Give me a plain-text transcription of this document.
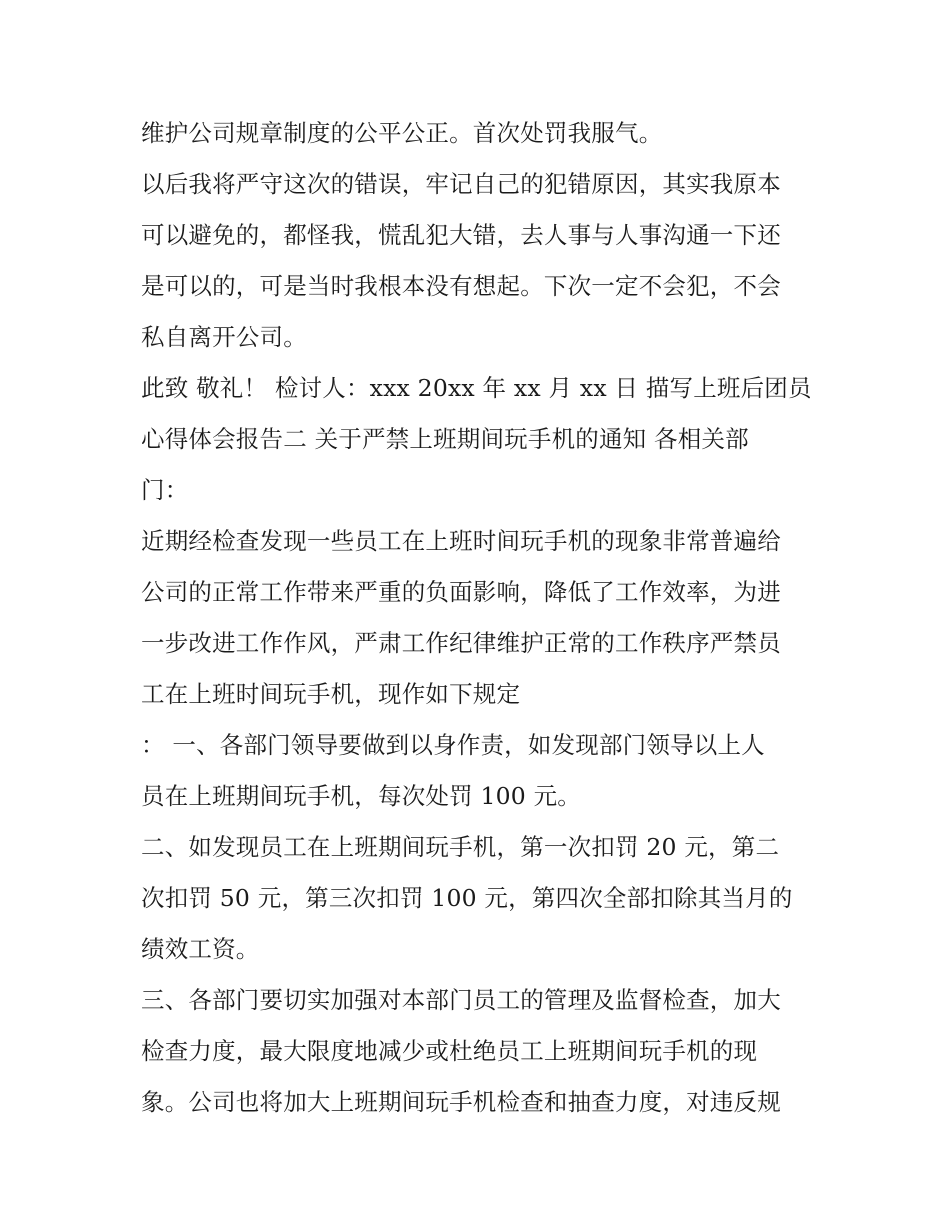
维护公司规章制度的公平公正。首次处罚我服气。
以后我将严守这次的错误，牢记自己的犯错原因，其实我原本
可以避免的，都怪我，慌乱犯大错，去人事与人事沟通一下还
是可以的，可是当时我根本没有想起。下次一定不会犯，不会
私自离开公司。
此致 敬礼！ 检讨人：xxx 20xx 年 xx 月 xx 日 描写上班后团员
心得体会报告二 关于严禁上班期间玩手机的通知 各相关部
门：
近期经检查发现一些员工在上班时间玩手机的现象非常普遍给
公司的正常工作带来严重的负面影响，降低了工作效率，为进
一步改进工作作风，严肃工作纪律维护正常的工作秩序严禁员
工在上班时间玩手机，现作如下规定
： 一、各部门领导要做到以身作责，如发现部门领导以上人
员在上班期间玩手机，每次处罚 100 元。
二、如发现员工在上班期间玩手机，第一次扣罚 20 元，第二
次扣罚 50 元，第三次扣罚 100 元，第四次全部扣除其当月的
绩效工资。
三、各部门要切实加强对本部门员工的管理及监督检查，加大
检查力度，最大限度地减少或杜绝员工上班期间玩手机的现
象。公司也将加大上班期间玩手机检查和抽查力度，对违反规
